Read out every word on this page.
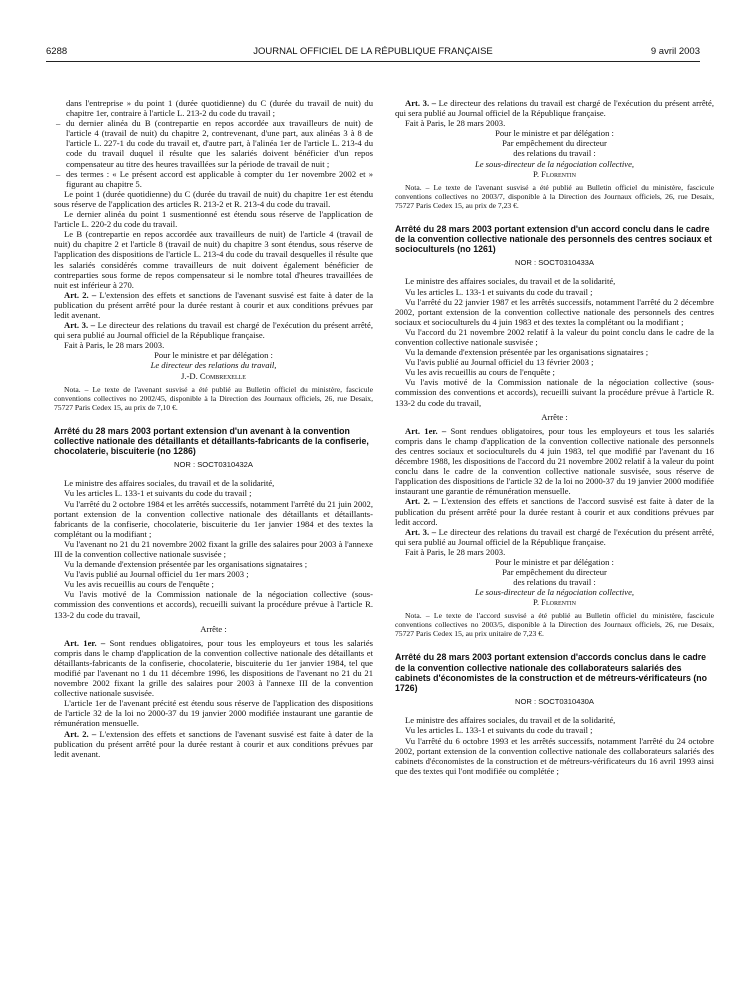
6288	JOURNAL OFFICIEL DE LA RÉPUBLIQUE FRANÇAISE	9 avril 2003

dans l'entreprise » du point 1 (durée quotidienne) du C (durée du travail de nuit) du chapitre 1er, contraire à l'article L. 213-2 du code du travail ;

– du dernier alinéa du B (contrepartie en repos accordée aux travailleurs de nuit) de l'article 4 (travail de nuit) du chapitre 2, contrevenant, d'une part, aux alinéas 3 à 8 de l'article L. 227-1 du code du travail et, d'autre part, à l'alinéa 1er de l'article L. 213-4 du code du travail duquel il résulte que les salariés doivent bénéficier d'un repos compensateur au titre des heures travaillées sur la période de travail de nuit ;
– des termes : « Le présent accord est applicable à compter du 1er novembre 2002 et » figurant au chapitre 5.

Le point 1 (durée quotidienne) du C (durée du travail de nuit) du chapitre 1er est étendu sous réserve de l'application des articles R. 213-2 et R. 213-4 du code du travail.

Le dernier alinéa du point 1 susmentionné est étendu sous réserve de l'application de l'article L. 220-2 du code du travail.

Le B (contrepartie en repos accordée aux travailleurs de nuit) de l'article 4 (travail de nuit) du chapitre 2 et l'article 8 (travail de nuit) du chapitre 3 sont étendus, sous réserve de l'application des dispositions de l'article L. 213-4 du code du travail desquelles il résulte que les salariés considérés comme travailleurs de nuit doivent également bénéficier de contreparties sous forme de repos compensateur si le nombre total d'heures travaillées de nuit est inférieur à 270.

Art. 2. – L'extension des effets et sanctions de l'avenant susvisé est faite à dater de la publication du présent arrêté pour la durée restant à courir et aux conditions prévues par ledit avenant.

Art. 3. – Le directeur des relations du travail est chargé de l'exécution du présent arrêté, qui sera publié au Journal officiel de la République française.

Fait à Paris, le 28 mars 2003.

Pour le ministre et par délégation :

Le directeur des relations du travail,

J.-D. Combrexelle

Nota. – Le texte de l'avenant susvisé a été publié au Bulletin officiel du ministère, fascicule conventions collectives no 2002/45, disponible à la Direction des Journaux officiels, 26, rue Desaix, 75727 Paris Cedex 15, au prix de 7,10 €.

Arrêté du 28 mars 2003 portant extension d'un avenant à la convention collective nationale des détaillants et détaillants-fabricants de la confiserie, chocolaterie, biscuiterie (no 1286)

NOR : SOCT0310432A

Le ministre des affaires sociales, du travail et de la solidarité,

Vu les articles L. 133-1 et suivants du code du travail ;

Vu l'arrêté du 2 octobre 1984 et les arrêtés successifs, notamment l'arrêté du 21 juin 2002, portant extension de la convention collective nationale des détaillants et détaillants-fabricants de la confiserie, chocolaterie, biscuiterie du 1er janvier 1984 et des textes la complétant ou la modifiant ;

Vu l'avenant no 21 du 21 novembre 2002 fixant la grille des salaires pour 2003 à l'annexe III de la convention collective nationale susvisée ;

Vu la demande d'extension présentée par les organisations signataires ;

Vu l'avis publié au Journal officiel du 1er mars 2003 ;

Vu les avis recueillis au cours de l'enquête ;

Vu l'avis motivé de la Commission nationale de la négociation collective (sous-commission des conventions et accords), recueilli suivant la procédure prévue à l'article R. 133-2 du code du travail,

Arrête :

Art. 1er. – Sont rendues obligatoires, pour tous les employeurs et tous les salariés compris dans le champ d'application de la convention collective nationale des détaillants et détaillants-fabricants de la confiserie, chocolaterie, biscuiterie du 1er janvier 1984, tel que modifié par l'avenant no 1 du 11 décembre 1996, les dispositions de l'avenant no 21 du 21 novembre 2002 fixant la grille des salaires pour 2003 à l'annexe III de la convention collective nationale susvisée.

L'article 1er de l'avenant précité est étendu sous réserve de l'application des dispositions de l'article 32 de la loi no 2000-37 du 19 janvier 2000 modifiée instaurant une garantie de rémunération mensuelle.

Art. 2. – L'extension des effets et sanctions de l'avenant susvisé est faite à dater de la publication du présent arrêté pour la durée restant à courir et aux conditions prévues par ledit avenant.

Art. 3. – Le directeur des relations du travail est chargé de l'exécution du présent arrêté, qui sera publié au Journal officiel de la République française.

Fait à Paris, le 28 mars 2003.

Pour le ministre et par délégation :

Par empêchement du directeur

des relations du travail :

Le sous-directeur de la négociation collective,

P. Florentin

Nota. – Le texte de l'avenant susvisé a été publié au Bulletin officiel du ministère, fascicule conventions collectives no 2003/7, disponible à la Direction des Journaux officiels, 26, rue Desaix, 75727 Paris Cedex 15, au prix de 7,23 €.

Arrêté du 28 mars 2003 portant extension d'un accord conclu dans le cadre de la convention collective nationale des personnels des centres sociaux et socioculturels (no 1261)

NOR : SOCT0310433A

Le ministre des affaires sociales, du travail et de la solidarité,

Vu les articles L. 133-1 et suivants du code du travail ;

Vu l'arrêté du 22 janvier 1987 et les arrêtés successifs, notamment l'arrêté du 2 décembre 2002, portant extension de la convention collective nationale des personnels des centres sociaux et socioculturels du 4 juin 1983 et des textes la complétant ou la modifiant ;

Vu l'accord du 21 novembre 2002 relatif à la valeur du point conclu dans le cadre de la convention collective nationale susvisée ;

Vu la demande d'extension présentée par les organisations signataires ;

Vu l'avis publié au Journal officiel du 13 février 2003 ;

Vu les avis recueillis au cours de l'enquête ;

Vu l'avis motivé de la Commission nationale de la négociation collective (sous-commission des conventions et accords), recueilli suivant la procédure prévue à l'article R. 133-2 du code du travail,

Arrête :

Art. 1er. – Sont rendues obligatoires, pour tous les employeurs et tous les salariés compris dans le champ d'application de la convention collective nationale des personnels des centres sociaux et socioculturels du 4 juin 1983, tel que modifié par l'avenant du 16 décembre 1988, les dispositions de l'accord du 21 novembre 2002 relatif à la valeur du point conclu dans le cadre de la convention collective nationale susvisée, sous réserve de l'application des dispositions de l'article 32 de la loi no 2000-37 du 19 janvier 2000 modifiée instaurant une garantie de rémunération mensuelle.

Art. 2. – L'extension des effets et sanctions de l'accord susvisé est faite à dater de la publication du présent arrêté pour la durée restant à courir et aux conditions prévues par ledit accord.

Art. 3. – Le directeur des relations du travail est chargé de l'exécution du présent arrêté, qui sera publié au Journal officiel de la République française.

Fait à Paris, le 28 mars 2003.

Pour le ministre et par délégation :

Par empêchement du directeur

des relations du travail :

Le sous-directeur de la négociation collective,

P. Florentin

Nota. – Le texte de l'accord susvisé a été publié au Bulletin officiel du ministère, fascicule conventions collectives no 2003/5, disponible à la Direction des Journaux officiels, 26, rue Desaix, 75727 Paris Cedex 15, au prix unitaire de 7,23 €.

Arrêté du 28 mars 2003 portant extension d'accords conclus dans le cadre de la convention collective nationale des collaborateurs salariés des cabinets d'économistes de la construction et de métreurs-vérificateurs (no 1726)

NOR : SOCT0310430A

Le ministre des affaires sociales, du travail et de la solidarité,

Vu les articles L. 133-1 et suivants du code du travail ;

Vu l'arrêté du 6 octobre 1993 et les arrêtés successifs, notamment l'arrêté du 24 octobre 2002, portant extension de la convention collective nationale des collaborateurs salariés des cabinets d'économistes de la construction et de métreurs-vérificateurs du 16 avril 1993 ainsi que des textes qui l'ont modifiée ou complétée ;
